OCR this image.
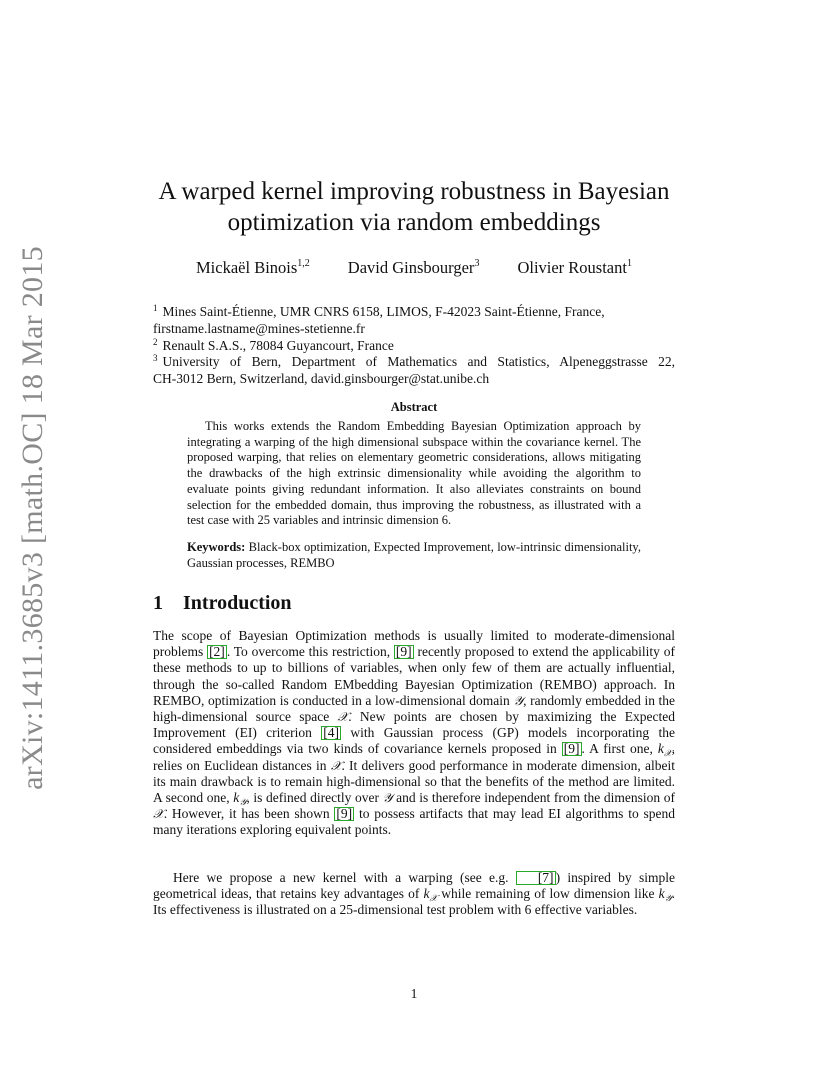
arXiv:1411.3685v3 [math.OC] 18 Mar 2015
A warped kernel improving robustness in Bayesian optimization via random embeddings
Mickaël Binois$^{1,2}$ David Ginsbourger$^3$ Olivier Roustant$^1$
$^1$ Mines Saint-Étienne, UMR CNRS 6158, LIMOS, F-42023 Saint-Étienne, France,
firstname.lastname@mines-stetienne.fr
$^2$ Renault S.A.S., 78084 Guyancourt, France
$^3$ University of Bern, Department of Mathematics and Statistics, Alpeneggstrasse 22,
CH-3012 Bern, Switzerland, david.ginsbourger@stat.unibe.ch
Abstract
This works extends the Random Embedding Bayesian Optimization approach by integrating a warping of the high dimensional subspace within the covariance kernel. The proposed warping, that relies on elementary geometric considerations, allows mitigating the drawbacks of the high extrinsic dimensionality while avoiding the algorithm to evaluate points giving redundant information. It also alleviates constraints on bound selection for the embedded domain, thus improving the robustness, as illustrated with a test case with 25 variables and intrinsic dimension 6.
Keywords: Black-box optimization, Expected Improvement, low-intrinsic dimensionality, Gaussian processes, REMBO
1 Introduction
The scope of Bayesian Optimization methods is usually limited to moderate-dimensional problems [2] . To overcome this restriction, [9] recently proposed to extend the applicability of these methods to up to billions of variables, when only few of them are actually influential, through the so-called Random EMbedding Bayesian Optimization (REMBO) approach. In REMBO, optimization is conducted in a low-dimensional domain 𝒴, randomly embedded in the high-dimensional source space 𝒳. New points are chosen by maximizing the Expected Improvement (EI) criterion [4] with Gaussian process (GP) models incorporating the considered embeddings via two kinds of covariance kernels proposed in [9] . A first one, $k_𝒳$, relies on Euclidean distances in 𝒳. It delivers good performance in moderate dimension, albeit its main drawback is to remain high-dimensional so that the benefits of the method are limited. A second one, $k_𝒴$, is defined directly over 𝒴 and is therefore independent from the dimension of 𝒳. However, it has been shown [9] to possess artifacts that may lead EI algorithms to spend many iterations exploring equivalent points.
Here we propose a new kernel with a warping (see e.g. [7] ) inspired by simple geometrical ideas, that retains key advantages of $k_𝒳$ while remaining of low dimension like $k_𝒴$. Its effectiveness is illustrated on a 25-dimensional test problem with 6 effective variables.
1
